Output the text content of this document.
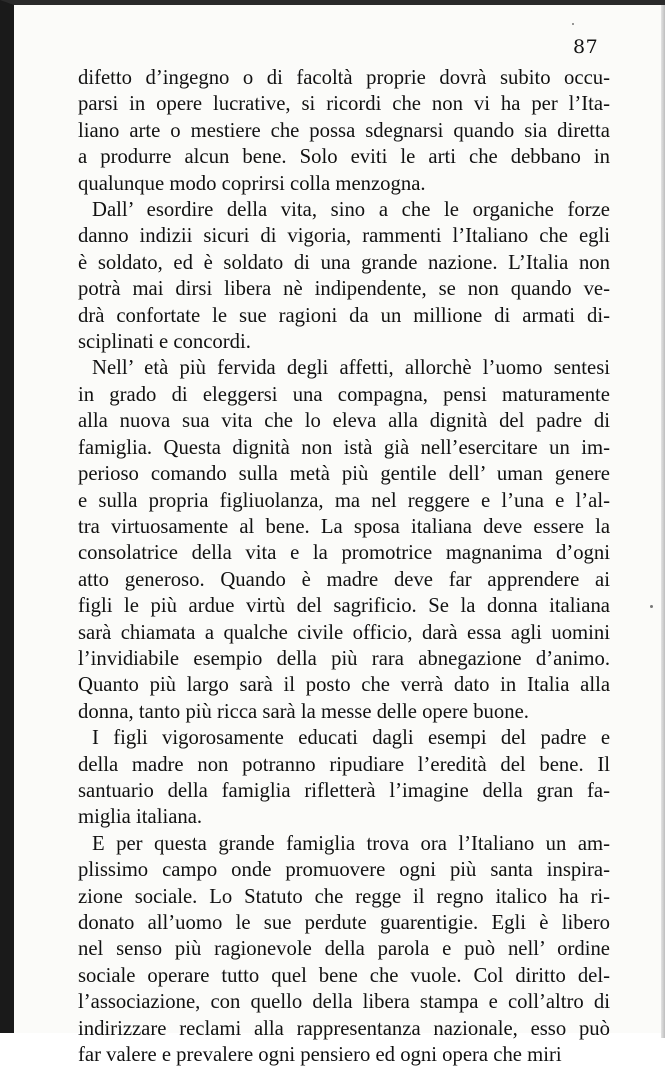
87
difetto d’ingegno o di facoltà proprie dovrà subito occu-
parsi in opere lucrative, si ricordi che non vi ha per l’Ita-
liano arte o mestiere che possa sdegnarsi quando sia diretta
a produrre alcun bene. Solo eviti le arti che debbano in
qualunque modo coprirsi colla menzogna.
Dall’ esordire della vita, sino a che le organiche forze
danno indizii sicuri di vigoria, rammenti l’Italiano che egli
è soldato, ed è soldato di una grande nazione. L’Italia non
potrà mai dirsi libera nè indipendente, se non quando ve-
drà confortate le sue ragioni da un millione di armati di-
sciplinati e concordi.
Nell’ età più fervida degli affetti, allorchè l’uomo sentesi
in grado di eleggersi una compagna, pensi maturamente
alla nuova sua vita che lo eleva alla dignità del padre di
famiglia. Questa dignità non istà già nell’esercitare un im-
perioso comando sulla metà più gentile dell’ uman genere
e sulla propria figliuolanza, ma nel reggere e l’una e l’al-
tra virtuosamente al bene. La sposa italiana deve essere la
consolatrice della vita e la promotrice magnanima d’ogni
atto generoso. Quando è madre deve far apprendere ai
figli le più ardue virtù del sagrificio. Se la donna italiana
sarà chiamata a qualche civile officio, darà essa agli uomini
l’invidiabile esempio della più rara abnegazione d’animo.
Quanto più largo sarà il posto che verrà dato in Italia alla
donna, tanto più ricca sarà la messe delle opere buone.
I figli vigorosamente educati dagli esempi del padre e
della madre non potranno ripudiare l’eredità del bene. Il
santuario della famiglia rifletterà l’imagine della gran fa-
miglia italiana.
E per questa grande famiglia trova ora l’Italiano un am-
plissimo campo onde promuovere ogni più santa inspira-
zione sociale. Lo Statuto che regge il regno italico ha ri-
donato all’uomo le sue perdute guarentigie. Egli è libero
nel senso più ragionevole della parola e può nell’ ordine
sociale operare tutto quel bene che vuole. Col diritto del-
l’associazione, con quello della libera stampa e coll’altro di
indirizzare reclami alla rappresentanza nazionale, esso può
far valere e prevalere ogni pensiero ed ogni opera che miri
